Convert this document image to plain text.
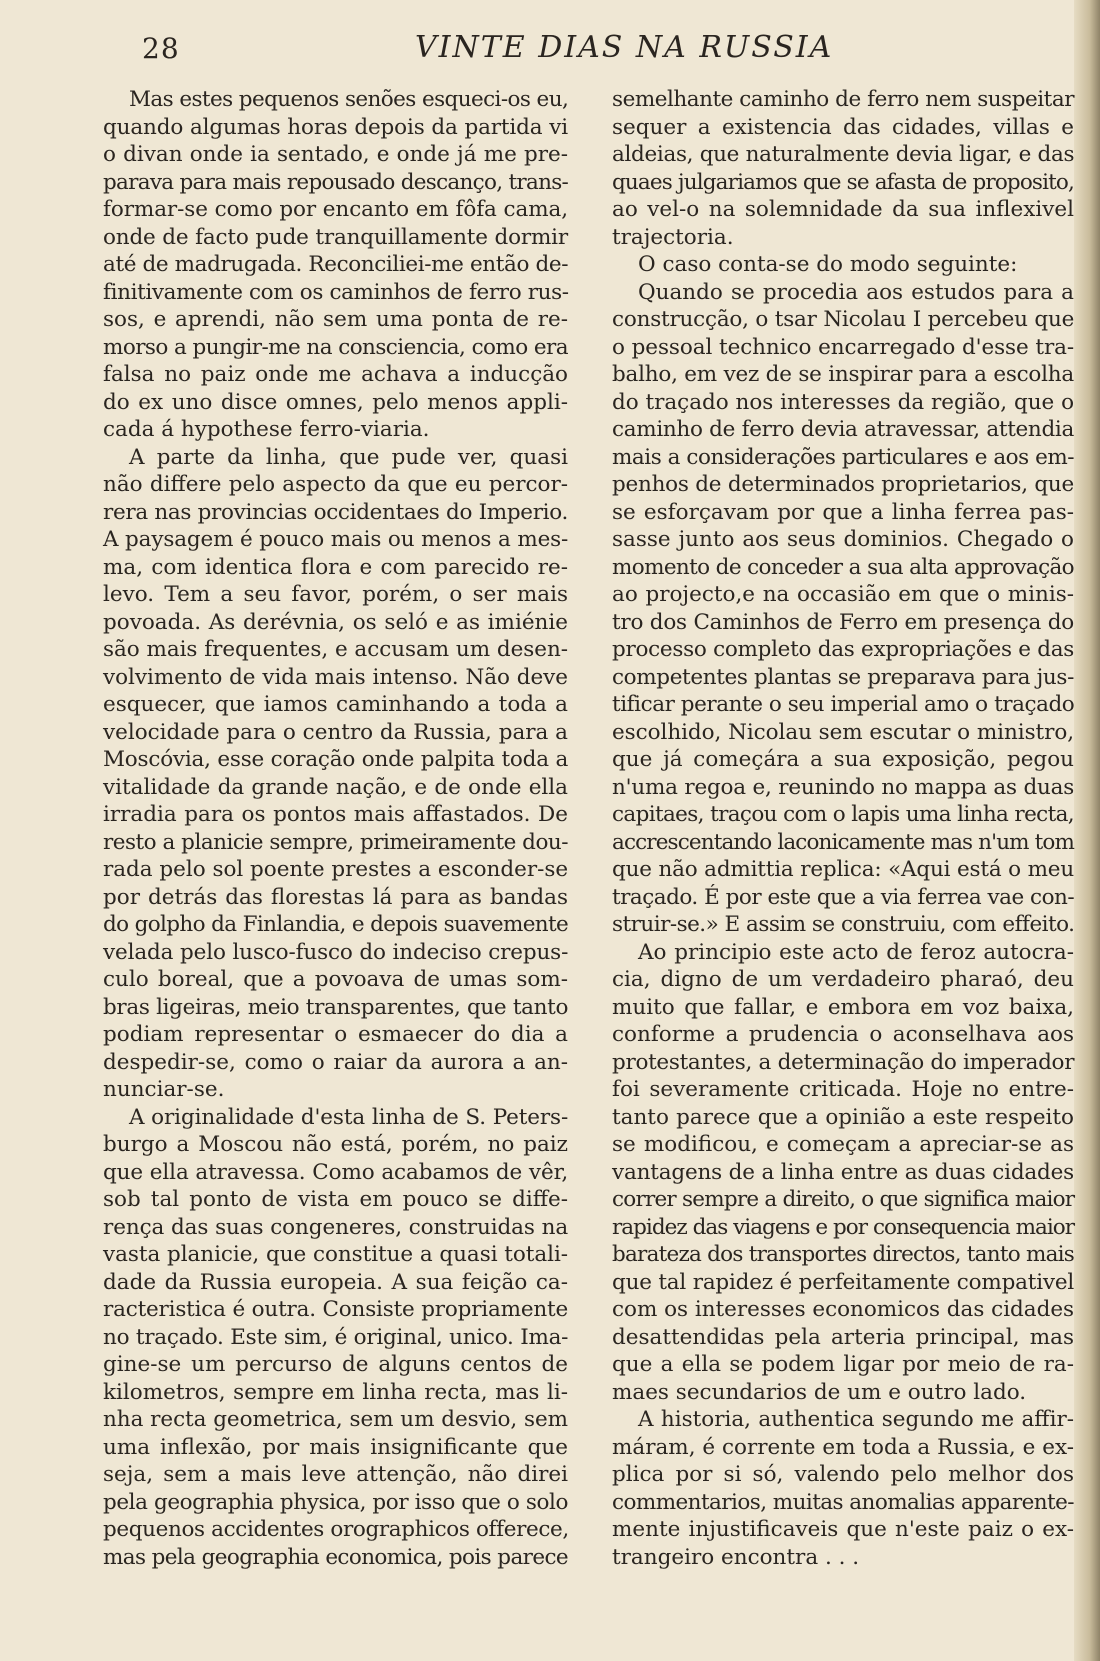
28	VINTE DIAS NA RUSSIA
Mas estes pequenos senões esqueci-os eu,
quando algumas horas depois da partida vi
o divan onde ia sentado, e onde já me pre-
parava para mais repousado descanço, trans-
formar-se como por encanto em fôfa cama,
onde de facto pude tranquillamente dormir
até de madrugada. Reconciliei-me então de-
finitivamente com os caminhos de ferro rus-
sos, e aprendi, não sem uma ponta de re-
morso a pungir-me na consciencia, como era
falsa no paiz onde me achava a inducção
do ex uno disce omnes, pelo menos appli-
cada á hypothese ferro-viaria.
A parte da linha, que pude ver, quasi
não differe pelo aspecto da que eu percor-
rera nas provincias occidentaes do Imperio.
A paysagem é pouco mais ou menos a mes-
ma, com identica flora e com parecido re-
levo. Tem a seu favor, porém, o ser mais
povoada. As derévnia, os seló e as imiénie
são mais frequentes, e accusam um desen-
volvimento de vida mais intenso. Não deve
esquecer, que iamos caminhando a toda a
velocidade para o centro da Russia, para a
Moscóvia, esse coração onde palpita toda a
vitalidade da grande nação, e de onde ella
irradia para os pontos mais affastados. De
resto a planicie sempre, primeiramente dou-
rada pelo sol poente prestes a esconder-se
por detrás das florestas lá para as bandas
do golpho da Finlandia, e depois suavemente
velada pelo lusco-fusco do indeciso crepus-
culo boreal, que a povoava de umas som-
bras ligeiras, meio transparentes, que tanto
podiam representar o esmaecer do dia a
despedir-se, como o raiar da aurora a an-
nunciar-se.
A originalidade d'esta linha de S. Peters-
burgo a Moscou não está, porém, no paiz
que ella atravessa. Como acabamos de vêr,
sob tal ponto de vista em pouco se diffe-
rença das suas congeneres, construidas na
vasta planicie, que constitue a quasi totali-
dade da Russia europeia. A sua feição ca-
racteristica é outra. Consiste propriamente
no traçado. Este sim, é original, unico. Ima-
gine-se um percurso de alguns centos de
kilometros, sempre em linha recta, mas li-
nha recta geometrica, sem um desvio, sem
uma inflexão, por mais insignificante que
seja, sem a mais leve attenção, não direi
pela geographia physica, por isso que o solo
pequenos accidentes orographicos offerece,
mas pela geographia economica, pois parece
semelhante caminho de ferro nem suspeitar
sequer a existencia das cidades, villas e
aldeias, que naturalmente devia ligar, e das
quaes julgariamos que se afasta de proposito,
ao vel-o na solemnidade da sua inflexivel
trajectoria.
O caso conta-se do modo seguinte:
Quando se procedia aos estudos para a
construcção, o tsar Nicolau I percebeu que
o pessoal technico encarregado d'esse tra-
balho, em vez de se inspirar para a escolha
do traçado nos interesses da região, que o
caminho de ferro devia atravessar, attendia
mais a considerações particulares e aos em-
penhos de determinados proprietarios, que
se esforçavam por que a linha ferrea pas-
sasse junto aos seus dominios. Chegado o
momento de conceder a sua alta approvação
ao projecto,e na occasião em que o minis-
tro dos Caminhos de Ferro em presença do
processo completo das expropriações e das
competentes plantas se preparava para jus-
tificar perante o seu imperial amo o traçado
escolhido, Nicolau sem escutar o ministro,
que já começára a sua exposição, pegou
n'uma regoa e, reunindo no mappa as duas
capitaes, traçou com o lapis uma linha recta,
accrescentando laconicamente mas n'um tom
que não admittia replica: «Aqui está o meu
traçado. É por este que a via ferrea vae con-
struir-se.» E assim se construiu, com effeito.
Ao principio este acto de feroz autocra-
cia, digno de um verdadeiro pharaó, deu
muito que fallar, e embora em voz baixa,
conforme a prudencia o aconselhava aos
protestantes, a determinação do imperador
foi severamente criticada. Hoje no entre-
tanto parece que a opinião a este respeito
se modificou, e começam a apreciar-se as
vantagens de a linha entre as duas cidades
correr sempre a direito, o que significa maior
rapidez das viagens e por consequencia maior
barateza dos transportes directos, tanto mais
que tal rapidez é perfeitamente compativel
com os interesses economicos das cidades
desattendidas pela arteria principal, mas
que a ella se podem ligar por meio de ra-
maes secundarios de um e outro lado.
A historia, authentica segundo me affir-
máram, é corrente em toda a Russia, e ex-
plica por si só, valendo pelo melhor dos
commentarios, muitas anomalias apparente-
mente injustificaveis que n'este paiz o ex-
trangeiro encontra . . .
